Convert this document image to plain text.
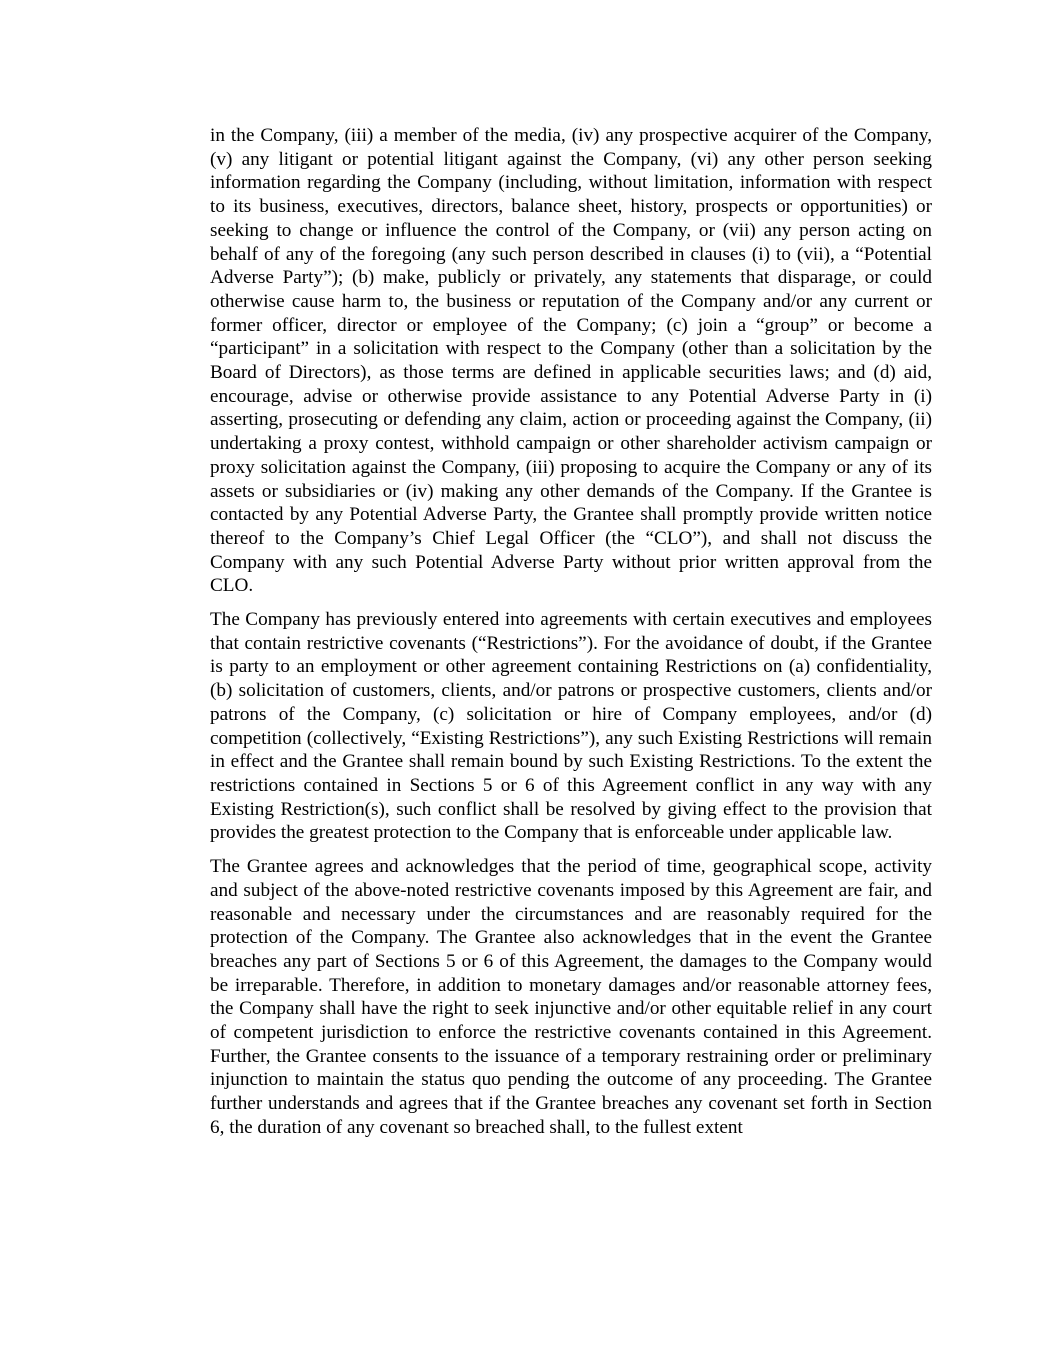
in the Company, (iii) a member of the media, (iv) any prospective acquirer of the Company, (v) any litigant or potential litigant against the Company, (vi) any other person seeking information regarding the Company (including, without limitation, information with respect to its business, executives, directors, balance sheet, history, prospects or opportunities) or seeking to change or influence the control of the Company, or (vii) any person acting on behalf of any of the foregoing (any such person described in clauses (i) to (vii), a “Potential Adverse Party”); (b) make, publicly or privately, any statements that disparage, or could otherwise cause harm to, the business or reputation of the Company and/or any current or former officer, director or employee of the Company; (c) join a “group” or become a “participant” in a solicitation with respect to the Company (other than a solicitation by the Board of Directors), as those terms are defined in applicable securities laws; and (d) aid, encourage, advise or otherwise provide assistance to any Potential Adverse Party in (i) asserting, prosecuting or defending any claim, action or proceeding against the Company, (ii) undertaking a proxy contest, withhold campaign or other shareholder activism campaign or proxy solicitation against the Company, (iii) proposing to acquire the Company or any of its assets or subsidiaries or (iv) making any other demands of the Company. If the Grantee is contacted by any Potential Adverse Party, the Grantee shall promptly provide written notice thereof to the Company’s Chief Legal Officer (the “CLO”), and shall not discuss the Company with any such Potential Adverse Party without prior written approval from the CLO.

The Company has previously entered into agreements with certain executives and employees that contain restrictive covenants (“Restrictions”). For the avoidance of doubt, if the Grantee is party to an employment or other agreement containing Restrictions on (a) confidentiality, (b) solicitation of customers, clients, and/or patrons or prospective customers, clients and/or patrons of the Company, (c) solicitation or hire of Company employees, and/or (d) competition (collectively, “Existing Restrictions”), any such Existing Restrictions will remain in effect and the Grantee shall remain bound by such Existing Restrictions. To the extent the restrictions contained in Sections 5 or 6 of this Agreement conflict in any way with any Existing Restriction(s), such conflict shall be resolved by giving effect to the provision that provides the greatest protection to the Company that is enforceable under applicable law.

The Grantee agrees and acknowledges that the period of time, geographical scope, activity and subject of the above-noted restrictive covenants imposed by this Agreement are fair, and reasonable and necessary under the circumstances and are reasonably required for the protection of the Company. The Grantee also acknowledges that in the event the Grantee breaches any part of Sections 5 or 6 of this Agreement, the damages to the Company would be irreparable. Therefore, in addition to monetary damages and/or reasonable attorney fees, the Company shall have the right to seek injunctive and/or other equitable relief in any court of competent jurisdiction to enforce the restrictive covenants contained in this Agreement. Further, the Grantee consents to the issuance of a temporary restraining order or preliminary injunction to maintain the status quo pending the outcome of any proceeding. The Grantee further understands and agrees that if the Grantee breaches any covenant set forth in Section 6, the duration of any covenant so breached shall, to the fullest extent
